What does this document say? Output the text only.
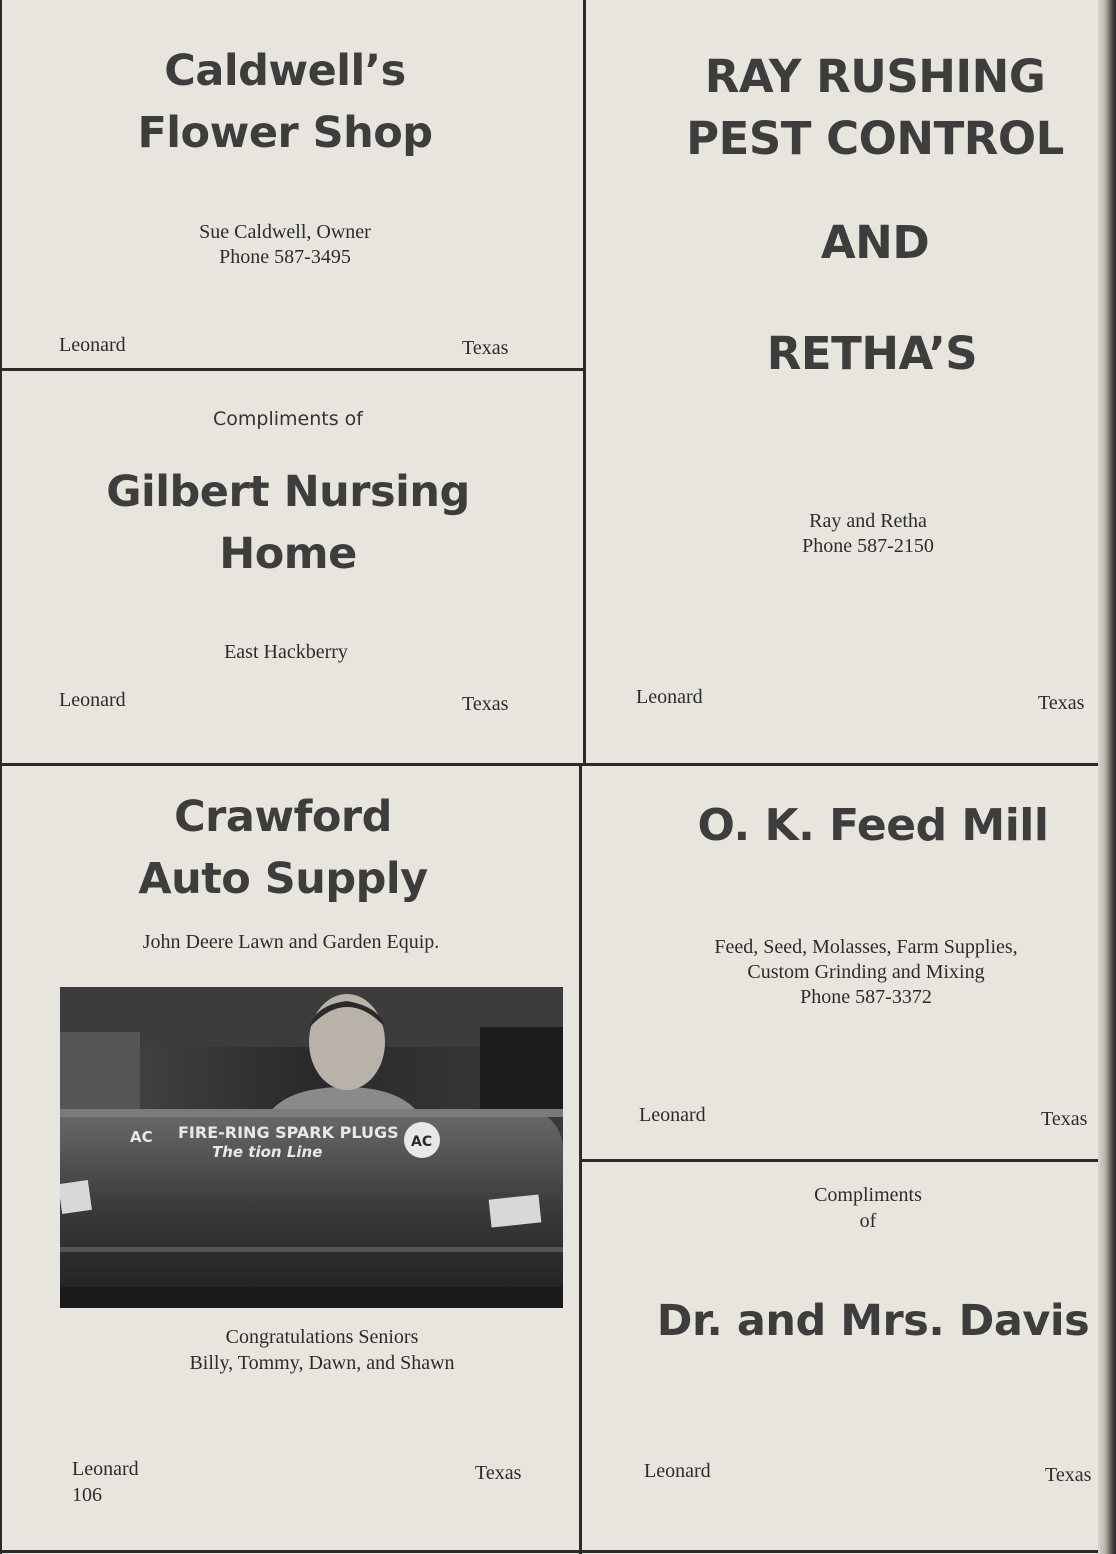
Caldwell’s
Flower Shop
Sue Caldwell, Owner
Phone 587-3495
Leonard	Texas
Compliments of
Gilbert Nursing
Home
East Hackberry
Leonard	Texas
RAY RUSHING
PEST CONTROL
AND
RETHA’S
Ray and Retha
Phone 587-2150
Leonard	Texas
Crawford
Auto Supply
John Deere Lawn and Garden Equip.
Congratulations Seniors
Billy, Tommy, Dawn, and Shawn
Leonard	Texas
106
FIRE-RING SPARK PLUGS
The tion Line
AC	AC
O. K. Feed Mill
Feed, Seed, Molasses, Farm Supplies,
Custom Grinding and Mixing
Phone 587-3372
Leonard	Texas
Compliments
of
Dr. and Mrs. Davis
Leonard	Texas
